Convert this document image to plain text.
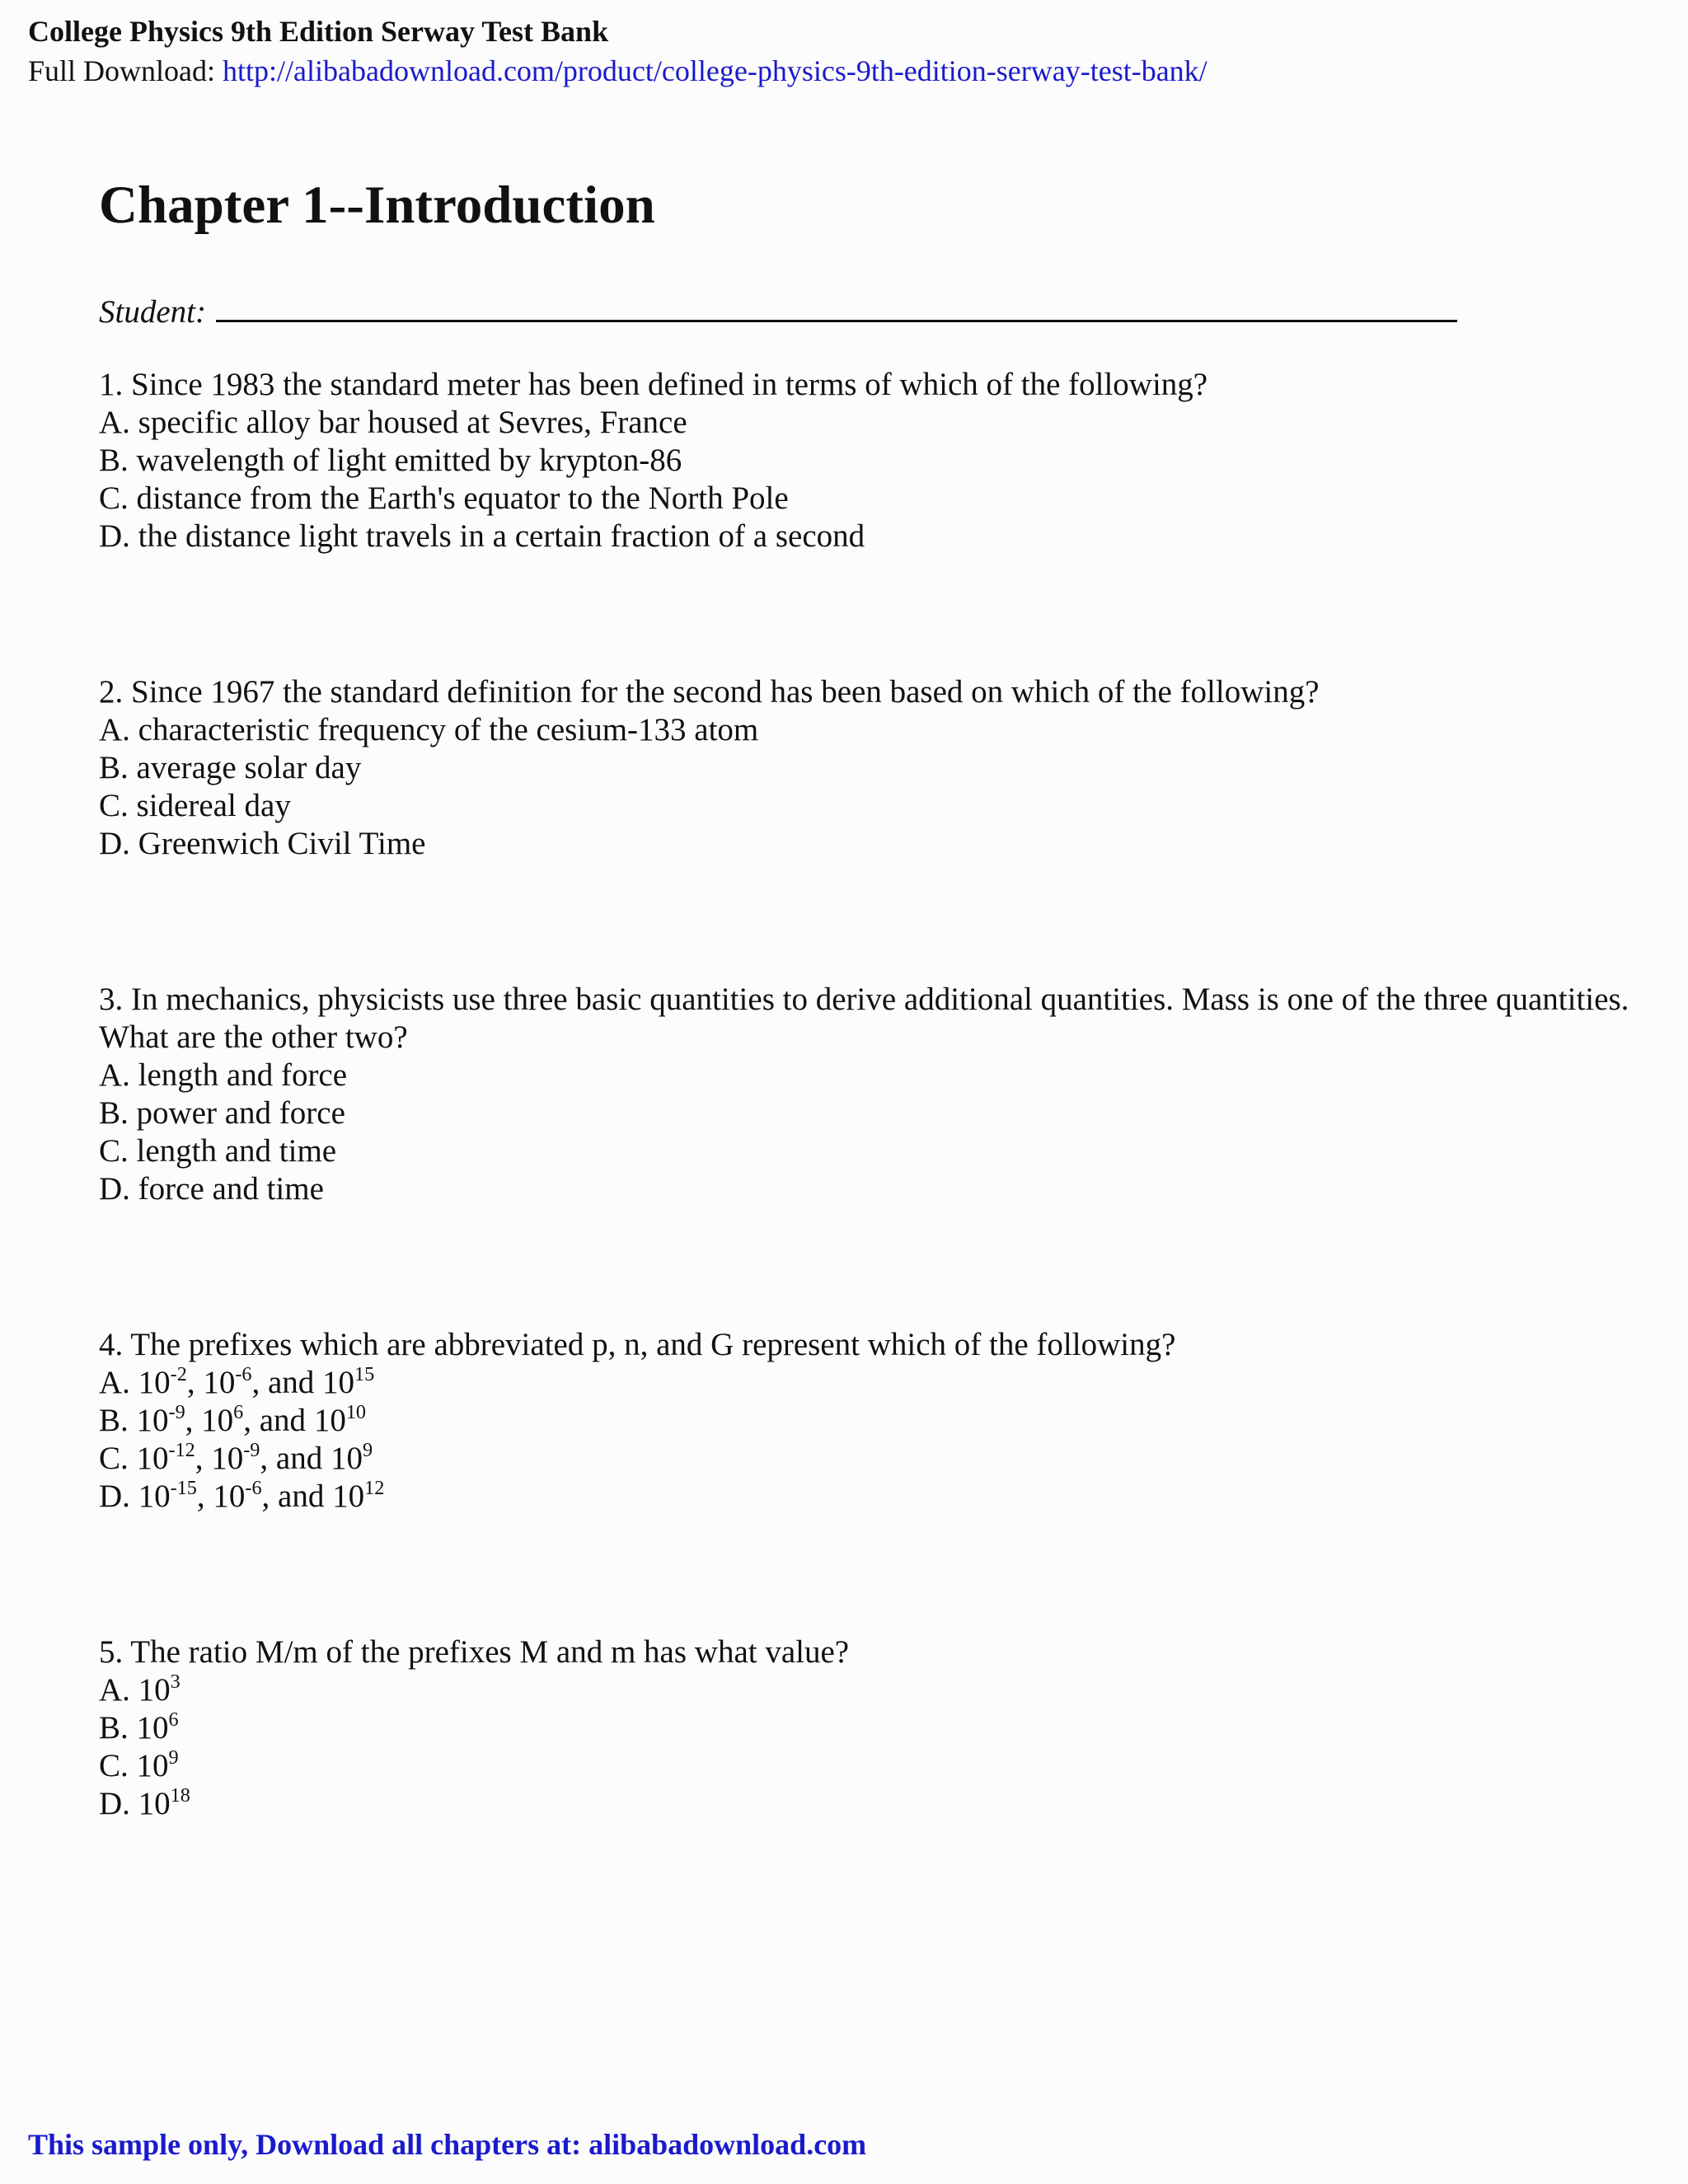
College Physics 9th Edition Serway Test Bank
Full Download: http://alibabadownload.com/product/college-physics-9th-edition-serway-test-bank/
Chapter 1--Introduction
Student:
1. Since 1983 the standard meter has been defined in terms of which of the following?
A. specific alloy bar housed at Sevres, France
B. wavelength of light emitted by krypton-86
C. distance from the Earth's equator to the North Pole
D. the distance light travels in a certain fraction of a second
2. Since 1967 the standard definition for the second has been based on which of the following?
A. characteristic frequency of the cesium-133 atom
B. average solar day
C. sidereal day
D. Greenwich Civil Time
3. In mechanics, physicists use three basic quantities to derive additional quantities. Mass is one of the three quantities. What are the other two?
A. length and force
B. power and force
C. length and time
D. force and time
4. The prefixes which are abbreviated p, n, and G represent which of the following?
A. $10^{-2}$, $10^{-6}$, and $10^{15}$
B. $10^{-9}$, $10^6$, and $10^{10}$
C. $10^{-12}$, $10^{-9}$, and $10^9$
D. $10^{-15}$, $10^{-6}$, and $10^{12}$
5. The ratio M/m of the prefixes M and m has what value?
A. $10^3$
B. $10^6$
C. $10^9$
D. $10^{18}$
This sample only, Download all chapters at: alibabadownload.com
